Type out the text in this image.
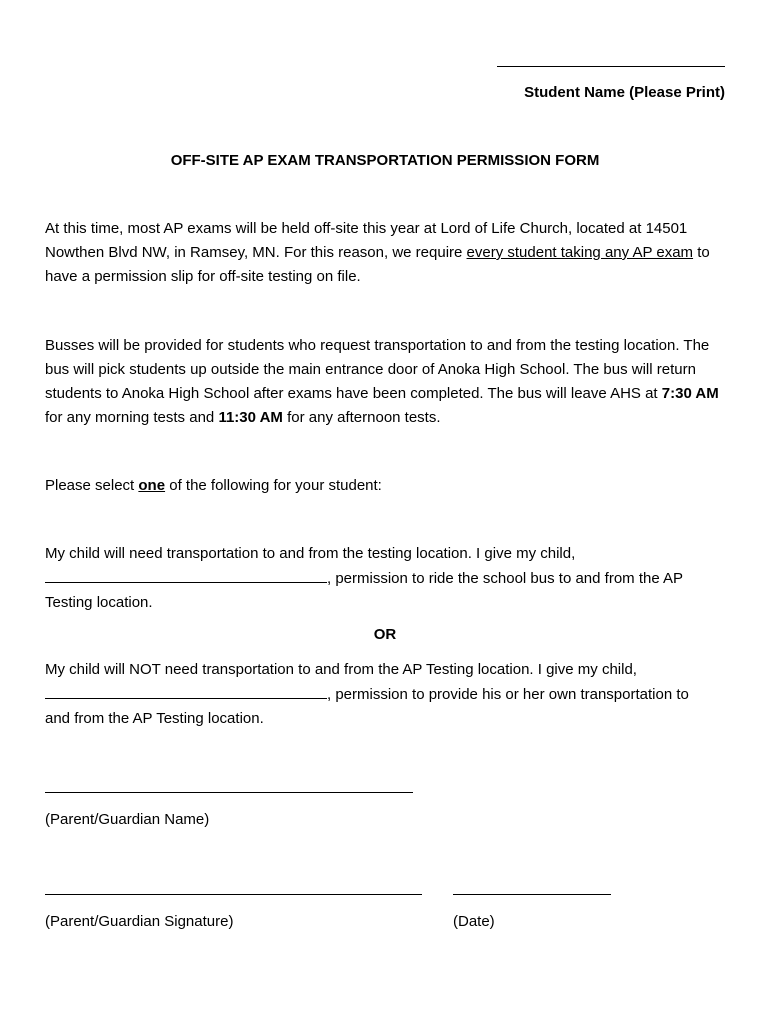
Student Name (Please Print)
OFF-SITE AP EXAM TRANSPORTATION PERMISSION FORM

At this time, most AP exams will be held off-site this year at Lord of Life Church, located at 14501 Nowthen Blvd NW, in Ramsey, MN. For this reason, we require every student taking any AP exam to have a permission slip for off-site testing on file.

Busses will be provided for students who request transportation to and from the testing location. The bus will pick students up outside the main entrance door of Anoka High School. The bus will return students to Anoka High School after exams have been completed. The bus will leave AHS at 7:30 AM for any morning tests and 11:30 AM for any afternoon tests.

Please select one of the following for your student:

My child will need transportation to and from the testing location. I give my child, , permission to ride the school bus to and from the AP Testing location.

OR

My child will NOT need transportation to and from the AP Testing location. I give my child, , permission to provide his or her own transportation to and from the AP Testing location.

(Parent/Guardian Name)
(Parent/Guardian Signature)	(Date)
